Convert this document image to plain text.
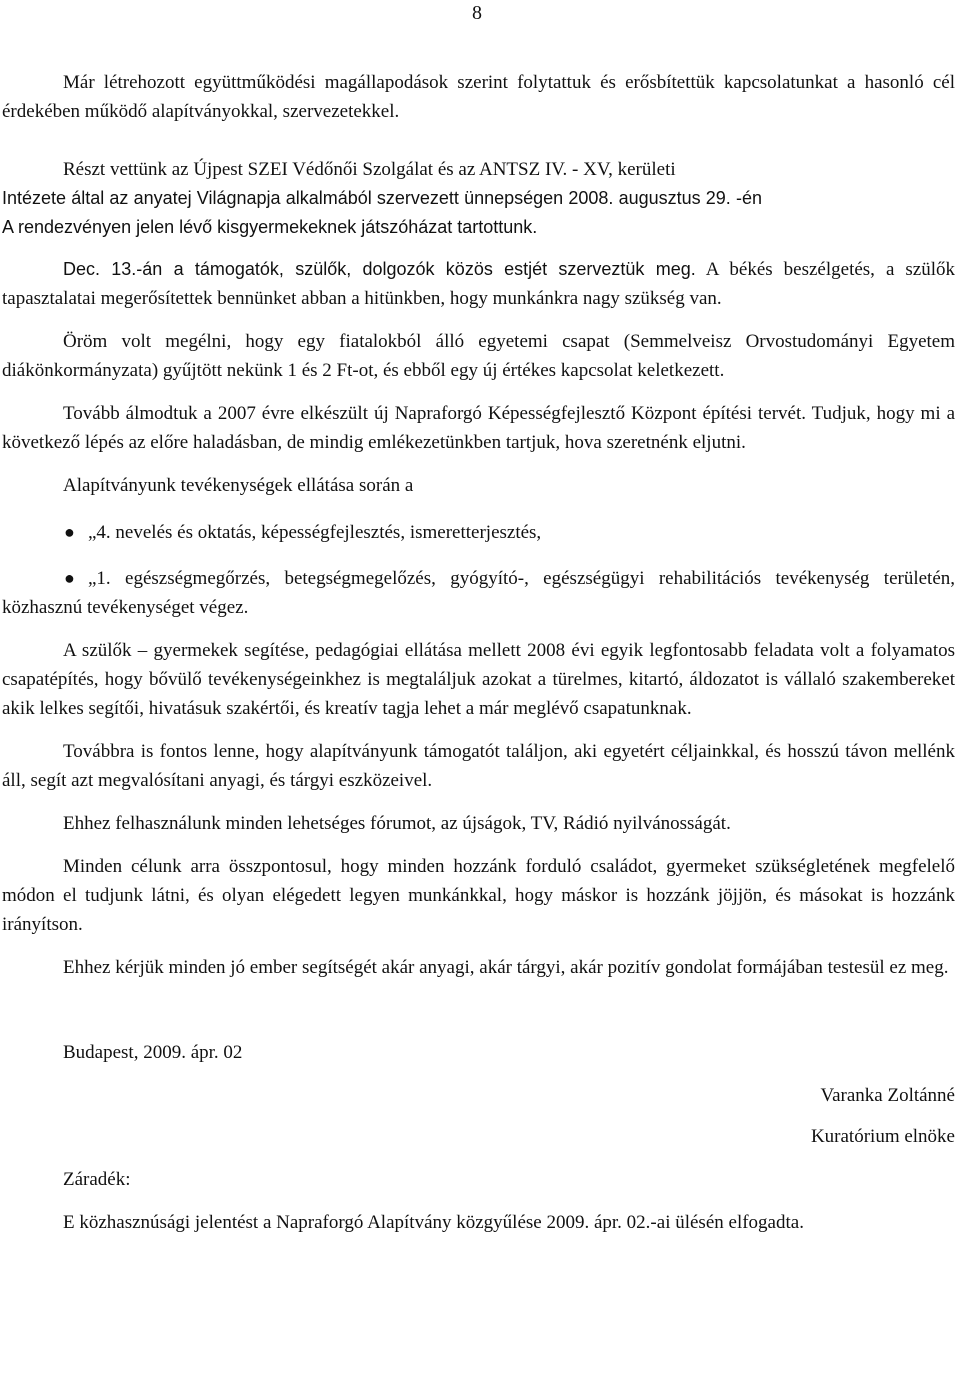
8

Már létrehozott együttműködési magállapodások szerint folytattuk és erősbítettük kapcsolatunkat a hasonló cél érdekében működő alapítványokkal, szervezetekkel.

Részt vettünk az Újpest SZEI Védőnői Szolgálat és az ANTSZ IV. - XV, kerületi

Intézete által az anyatej Világnapja alkalmából szervezett ünnepségen 2008. augusztus 29. -én A rendezvényen jelen lévő kisgyermekeknek játszóházat tartottunk.

Dec. 13.-án a támogatók, szülők, dolgozók közös estjét szerveztük meg. A békés beszélgetés, a szülők tapasztalatai megerősítettek bennünket abban a hitünkben, hogy munkánkra nagy szükség van.

Öröm volt megélni, hogy egy fiatalokból álló egyetemi csapat (Semmelveisz Orvostudományi Egyetem diákönkormányzata) gyűjtött nekünk 1 és 2 Ft-ot, és ebből egy új értékes kapcsolat keletkezett.

Tovább álmodtuk a 2007 évre elkészült új Napraforgó Képességfejlesztő Központ építési tervét. Tudjuk, hogy mi a következő lépés az előre haladásban, de mindig emlékezetünkben tartjuk, hova szeretnénk eljutni.

Alapítványunk tevékenységek ellátása során a

● „4. nevelés és oktatás, képességfejlesztés, ismeretterjesztés,

● „1. egészségmegőrzés, betegségmegelőzés, gyógyító-, egészségügyi rehabilitációs tevékenység területén, közhasznú tevékenységet végez.

A szülők – gyermekek segítése, pedagógiai ellátása mellett 2008 évi egyik legfontosabb feladata volt a folyamatos csapatépítés, hogy bővülő tevékenységeinkhez is megtaláljuk azokat a türelmes, kitartó, áldozatot is vállaló szakembereket akik lelkes segítői, hivatásuk szakértői, és kreatív tagja lehet a már meglévő csapatunknak.

Továbbra is fontos lenne, hogy alapítványunk támogatót találjon, aki egyetért céljainkkal, és hosszú távon mellénk áll, segít azt megvalósítani anyagi, és tárgyi eszközeivel.

Ehhez felhasználunk minden lehetséges fórumot, az újságok, TV, Rádió nyilvánosságát.

Minden célunk arra összpontosul, hogy minden hozzánk forduló családot, gyermeket szükségletének megfelelő módon el tudjunk látni, és olyan elégedett legyen munkánkkal, hogy máskor is hozzánk jöjjön, és másokat is hozzánk irányítson.

Ehhez kérjük minden jó ember segítségét akár anyagi, akár tárgyi, akár pozitív gondolat formájában testesül ez meg.

Budapest, 2009. ápr. 02

Varanka Zoltánné

Kuratórium elnöke

Záradék:

E közhasznúsági jelentést a Napraforgó Alapítvány közgyűlése 2009. ápr. 02.-ai ülésén elfogadta.
